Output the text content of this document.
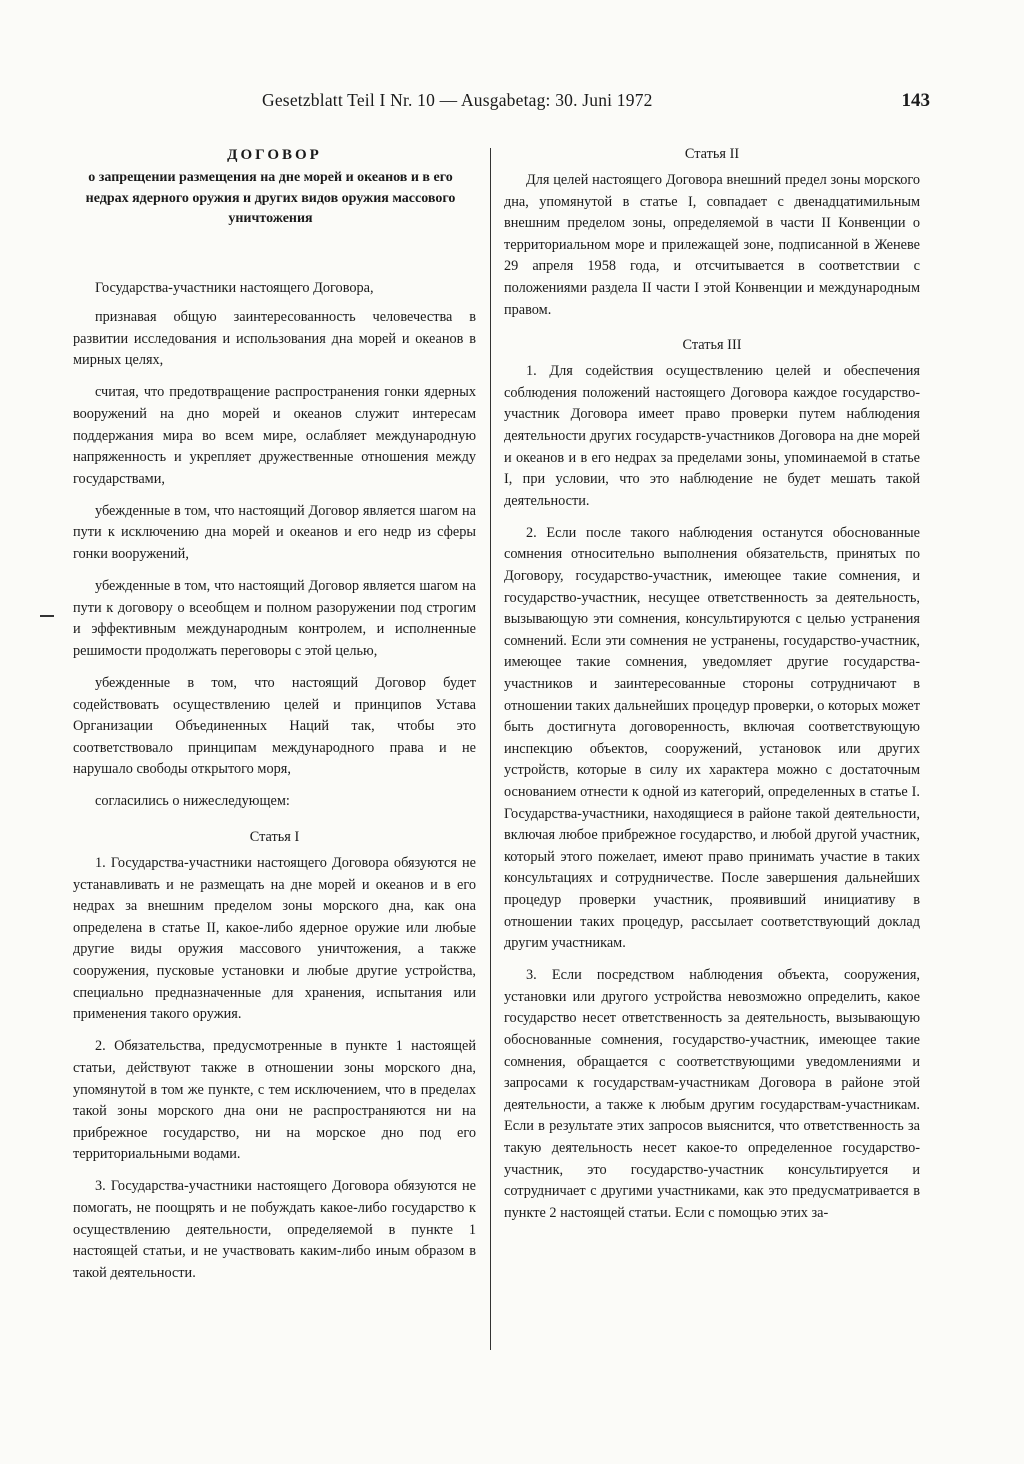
Gesetzblatt Teil I Nr. 10 — Ausgabetag: 30. Juni 1972	143
ДОГОВОР
о запрещении размещения на дне морей и океанов и в его недрах ядерного оружия и других видов оружия массового уничтожения

Государства-участники настоящего Договора,

признавая общую заинтересованность человечества в развитии исследования и использования дна морей и океанов в мирных целях,

считая, что предотвращение распространения гонки ядерных вооружений на дно морей и океанов служит интересам поддержания мира во всем мире, ослабляет международную напряженность и укрепляет дружественные отношения между государствами,

убежденные в том, что настоящий Договор является шагом на пути к исключению дна морей и океанов и его недр из сферы гонки вооружений,

убежденные в том, что настоящий Договор является шагом на пути к договору о всеобщем и полном разоружении под строгим и эффективным международным контролем, и исполненные решимости продолжать переговоры с этой целью,

убежденные в том, что настоящий Договор будет содействовать осуществлению целей и принципов Устава Организации Объединенных Наций так, чтобы это соответствовало принципам международного права и не нарушало свободы открытого моря,

согласились о нижеследующем:

Статья I

1. Государства-участники настоящего Договора обязуются не устанавливать и не размещать на дне морей и океанов и в его недрах за внешним пределом зоны морского дна, как она определена в статье II, какое-либо ядерное оружие или любые другие виды оружия массового уничтожения, а также сооружения, пусковые установки и любые другие устройства, специально предназначенные для хранения, испытания или применения такого оружия.

2. Обязательства, предусмотренные в пункте 1 настоящей статьи, действуют также в отношении зоны морского дна, упомянутой в том же пункте, с тем исключением, что в пределах такой зоны морского дна они не распространяются ни на прибрежное государство, ни на морское дно под его территориальными водами.

3. Государства-участники настоящего Договора обязуются не помогать, не поощрять и не побуждать какое-либо государство к осуществлению деятельности, определяемой в пункте 1 настоящей статьи, и не участвовать каким-либо иным образом в такой деятельности.

Статья II

Для целей настоящего Договора внешний предел зоны морского дна, упомянутой в статье I, совпадает с двенадцатимильным внешним пределом зоны, определяемой в части II Конвенции о территориальном море и прилежащей зоне, подписанной в Женеве 29 апреля 1958 года, и отсчитывается в соответствии с положениями раздела II части I этой Конвенции и международным правом.

Статья III

1. Для содействия осуществлению целей и обеспечения соблюдения положений настоящего Договора каждое государство-участник Договора имеет право проверки путем наблюдения деятельности других государств-участников Договора на дне морей и океанов и в его недрах за пределами зоны, упоминаемой в статье I, при условии, что это наблюдение не будет мешать такой деятельности.

2. Если после такого наблюдения останутся обоснованные сомнения относительно выполнения обязательств, принятых по Договору, государство-участник, имеющее такие сомнения, и государство-участник, несущее ответственность за деятельность, вызывающую эти сомнения, консультируются с целью устранения сомнений. Если эти сомнения не устранены, государство-участник, имеющее такие сомнения, уведомляет другие государства-участников и заинтересованные стороны сотрудничают в отношении таких дальнейших процедур проверки, о которых может быть достигнута договоренность, включая соответствующую инспекцию объектов, сооружений, установок или других устройств, которые в силу их характера можно с достаточным основанием отнести к одной из категорий, определенных в статье I. Государства-участники, находящиеся в районе такой деятельности, включая любое прибрежное государство, и любой другой участник, который этого пожелает, имеют право принимать участие в таких консультациях и сотрудничестве. После завершения дальнейших процедур проверки участник, проявивший инициативу в отношении таких процедур, рассылает соответствующий доклад другим участникам.

3. Если посредством наблюдения объекта, сооружения, установки или другого устройства невозможно определить, какое государство несет ответственность за деятельность, вызывающую обоснованные сомнения, государство-участник, имеющее такие сомнения, обращается с соответствующими уведомлениями и запросами к государствам-участникам Договора в районе этой деятельности, а также к любым другим государствам-участникам. Если в результате этих запросов выяснится, что ответственность за такую деятельность несет какое-то определенное государство-участник, это государство-участник консультируется и сотрудничает с другими участниками, как это предусматривается в пункте 2 настоящей статьи. Если с помощью этих за-
